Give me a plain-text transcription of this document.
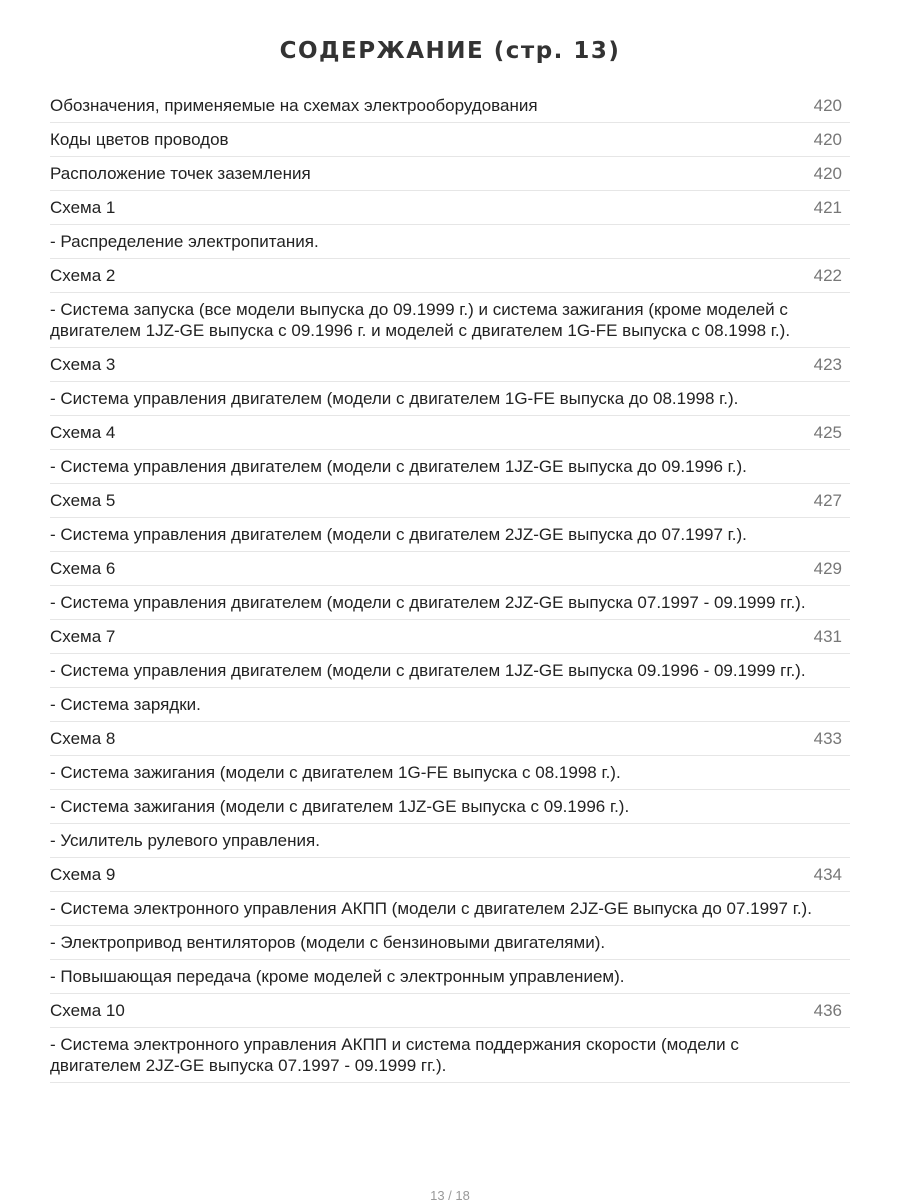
СОДЕРЖАНИЕ (стр. 13)
Обозначения, применяемые на схемах электрооборудования	420
Коды цветов проводов	420
Расположение точек заземления	420
Схема 1	421
- Распределение электропитания.
Схема 2	422
- Система запуска (все модели выпуска до 09.1999 г.) и система зажигания (кроме моделей с двигателем 1JZ-GE выпуска с 09.1996 г. и моделей с двигателем 1G-FE выпуска с 08.1998 г.).
Схема 3	423
- Система управления двигателем (модели с двигателем 1G-FE выпуска до 08.1998 г.).
Схема 4	425
- Система управления двигателем (модели с двигателем 1JZ-GE выпуска до 09.1996 г.).
Схема 5	427
- Система управления двигателем (модели с двигателем 2JZ-GE выпуска до 07.1997 г.).
Схема 6	429
- Система управления двигателем (модели с двигателем 2JZ-GE выпуска 07.1997 - 09.1999 гг.).
Схема 7	431
- Система управления двигателем (модели с двигателем 1JZ-GE выпуска 09.1996 - 09.1999 гг.).
- Система зарядки.
Схема 8	433
- Система зажигания (модели с двигателем 1G-FE выпуска с 08.1998 г.).
- Система зажигания (модели с двигателем 1JZ-GE выпуска с 09.1996 г.).
- Усилитель рулевого управления.
Схема 9	434
- Система электронного управления АКПП (модели с двигателем 2JZ-GE выпуска до 07.1997 г.).
- Электропривод вентиляторов (модели с бензиновыми двигателями).
- Повышающая передача (кроме моделей с электронным управлением).
Схема 10	436
- Система электронного управления АКПП и система поддержания скорости (модели с двигателем 2JZ-GE выпуска 07.1997 - 09.1999 гг.).
13 / 18
